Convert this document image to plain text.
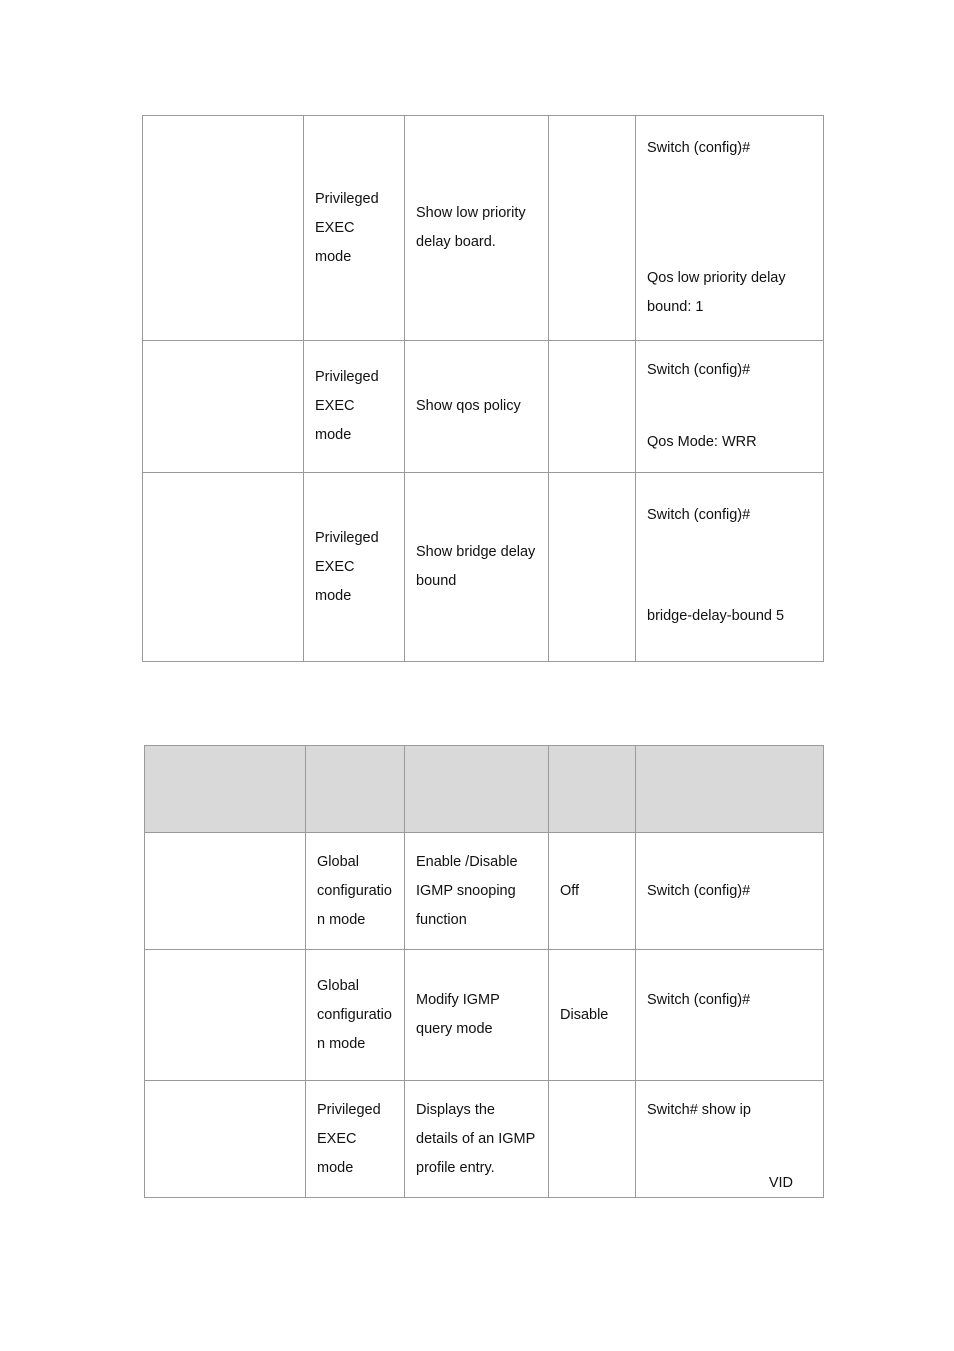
	Privileged
EXEC
mode	Show low priority
delay board.		Switch (config)#
Qos low priority delay
bound: 1

	Privileged
EXEC
mode	Show qos policy		Switch (config)#
Qos Mode: WRR

	Privileged
EXEC
mode	Show bridge delay
bound		Switch (config)#
bridge-delay-bound 5

	Global
configuratio
n mode	Enable /Disable
IGMP snooping
function	Off	Switch (config)#

	Global
configuratio
n mode	Modify IGMP
query mode	Disable	Switch (config)#

	Privileged
EXEC
mode	Displays the
details of an IGMP
profile entry.		Switch# show ip
VID
